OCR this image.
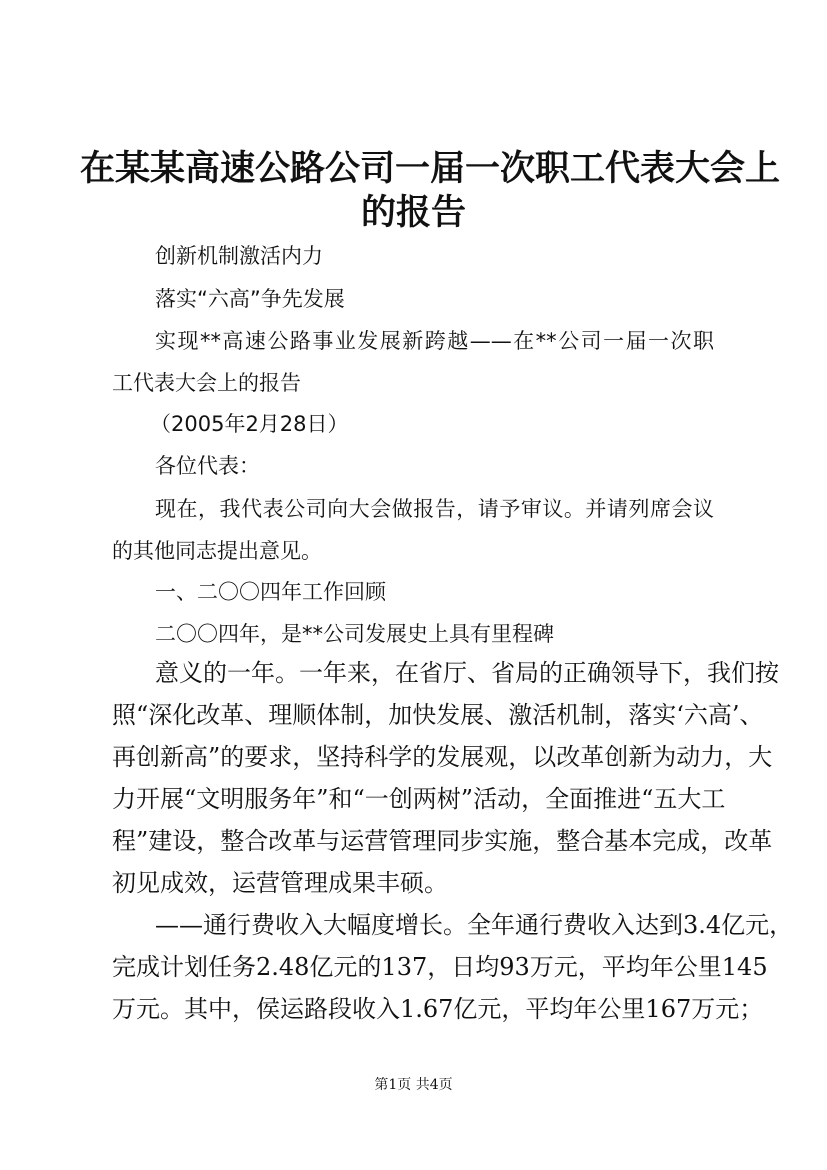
在某某高速公路公司一届一次职工代表大会上
的报告

创新机制激活内力

落实“六高”争先发展

实现**高速公路事业发展新跨越——在**公司一届一次职

工代表大会上的报告

（2005年2月28日）

各位代表：

现在，我代表公司向大会做报告，请予审议。并请列席会议

的其他同志提出意见。

一、二〇〇四年工作回顾

二〇〇四年，是**公司发展史上具有里程碑

意义的一年。一年来，在省厅、省局的正确领导下，我们按

照“深化改革、理顺体制，加快发展、激活机制，落实‘六高’、

再创新高”的要求，坚持科学的发展观，以改革创新为动力，大

力开展“文明服务年”和“一创两树”活动，全面推进“五大工

程”建设，整合改革与运营管理同步实施，整合基本完成，改革

初见成效，运营管理成果丰硕。

——通行费收入大幅度增长。全年通行费收入达到3.4亿元，

完成计划任务2.48亿元的137，日均93万元，平均年公里145

万元。其中，侯运路段收入1.67亿元，平均年公里167万元；

第1页 共4页
